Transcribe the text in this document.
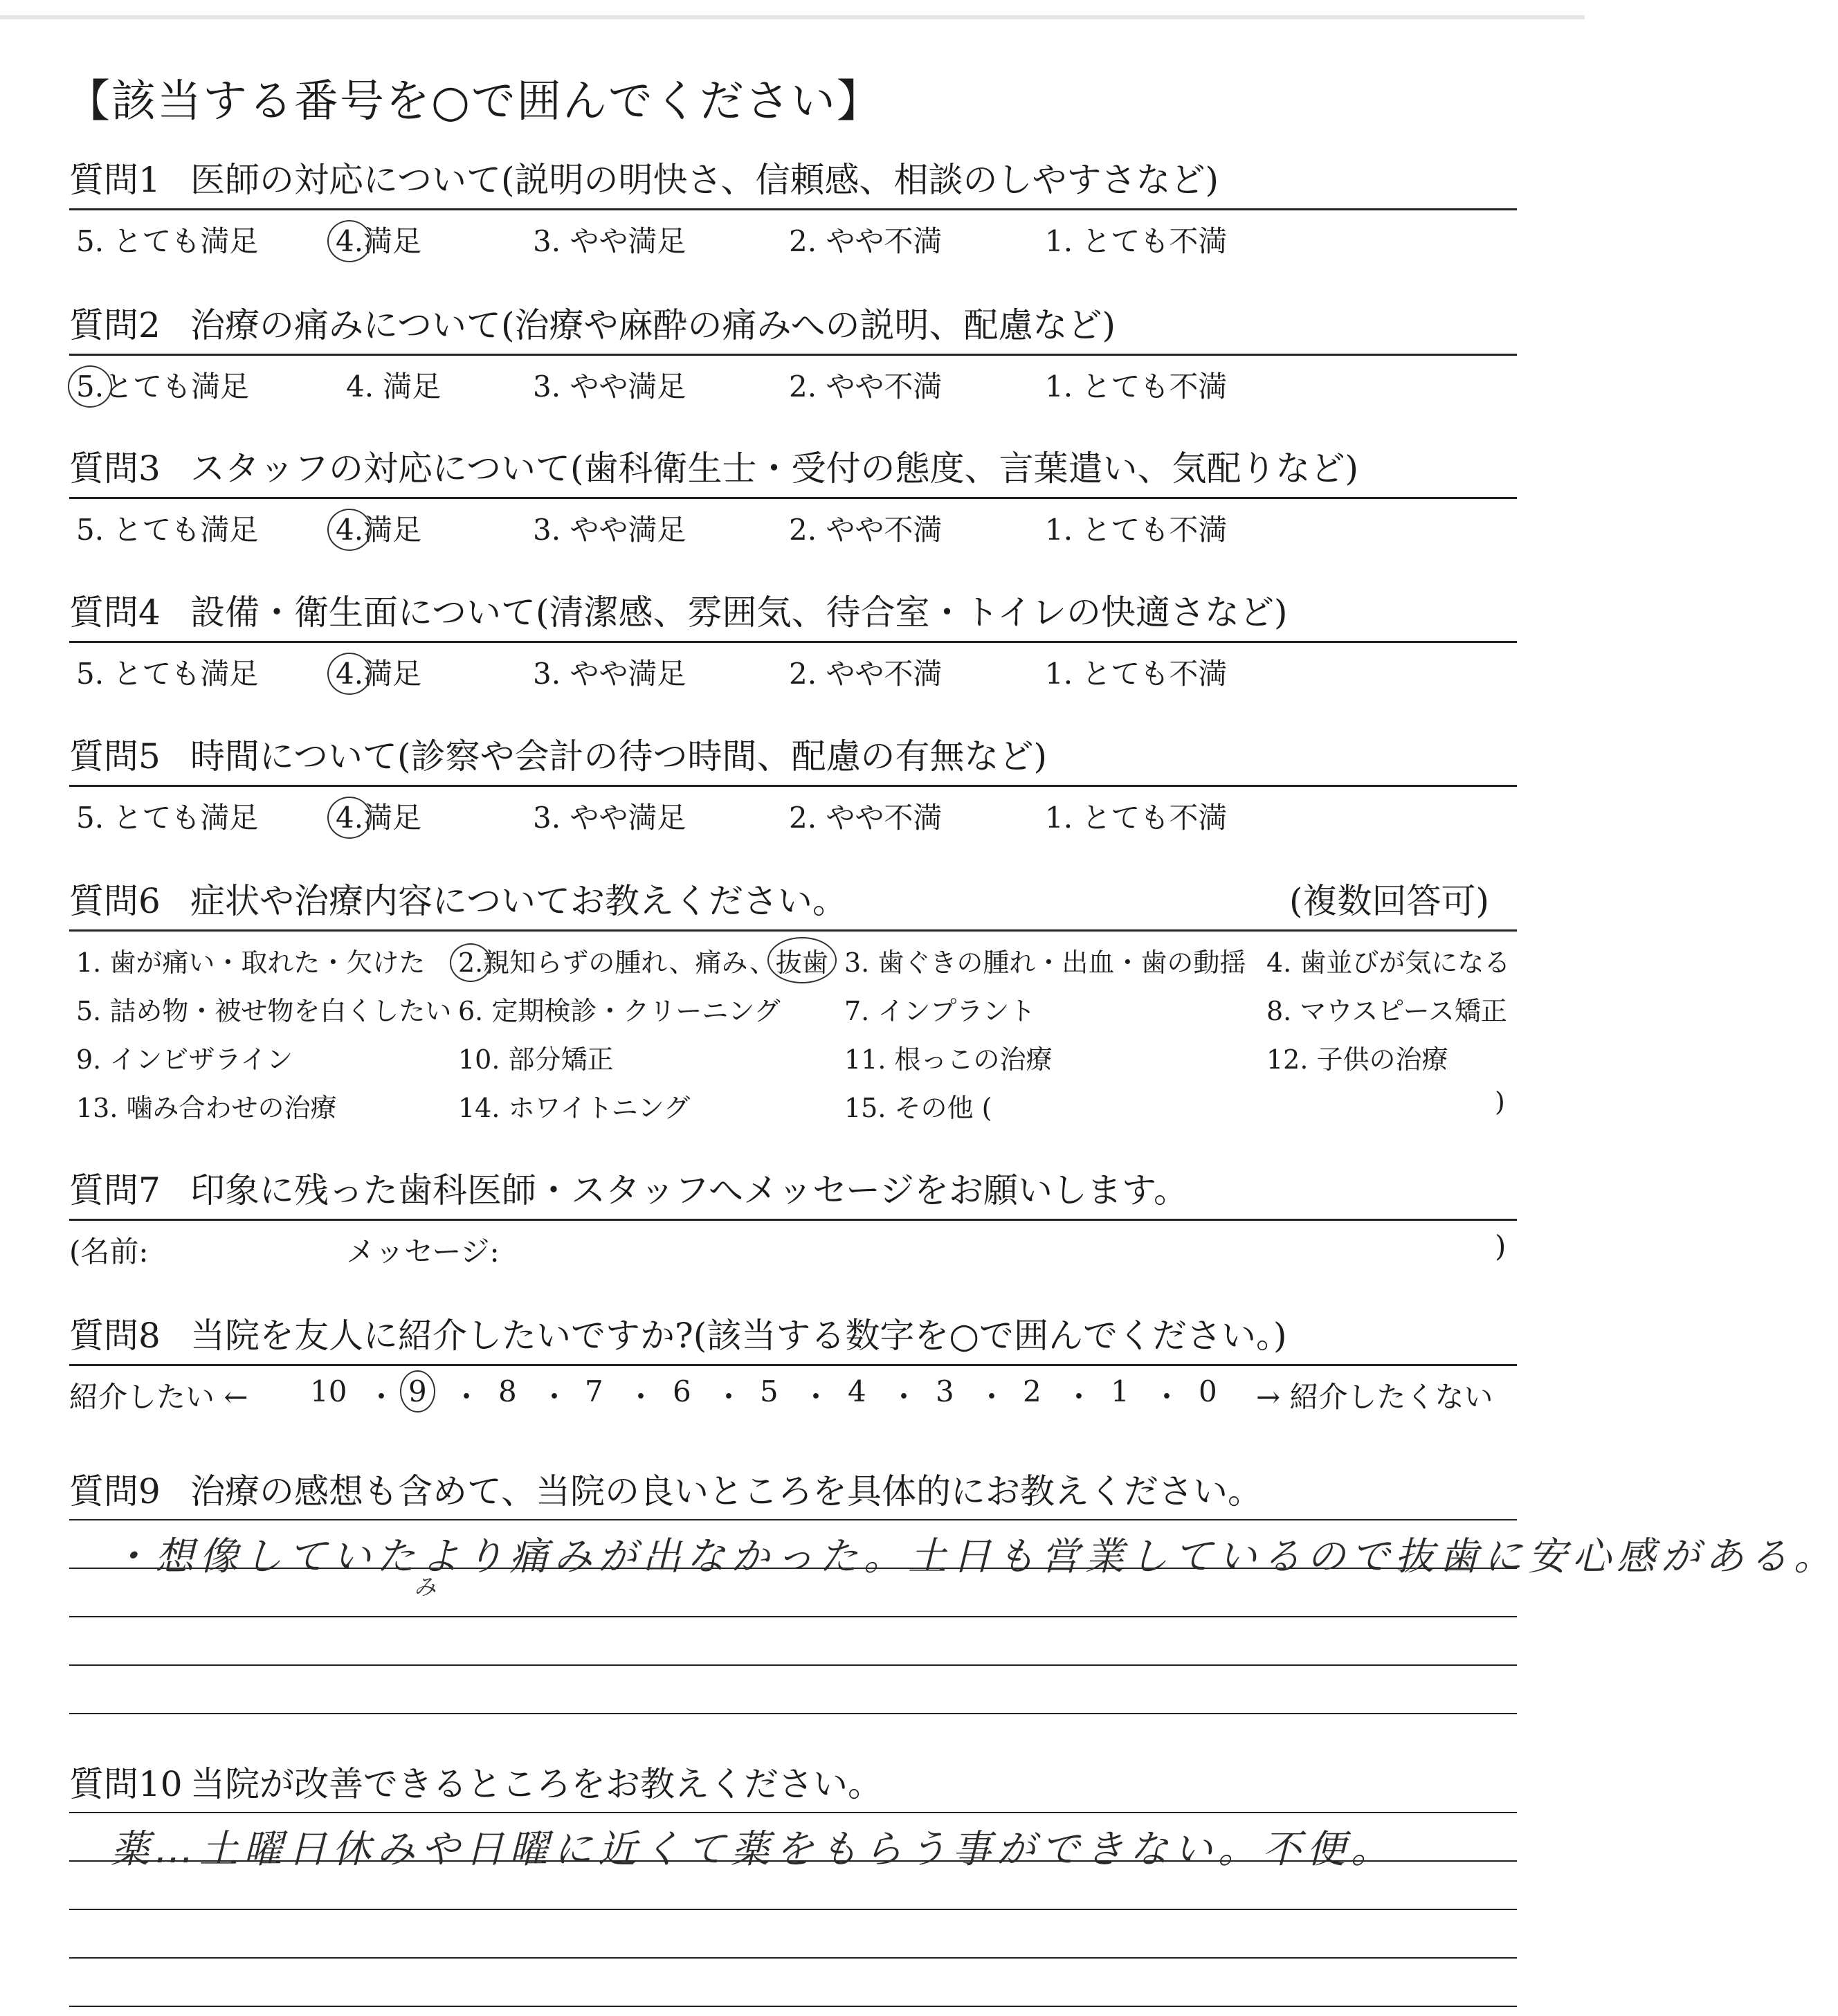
【該当する番号を○で囲んでください】
質問1 医師の対応について(説明の明快さ、信頼感、相談のしやすさなど)
5. とても満足	4.満足	3. やや満足	2. やや不満	1. とても不満
質問2 治療の痛みについて(治療や麻酔の痛みへの説明、配慮など)
5.とても満足	4. 満足	3. やや満足	2. やや不満	1. とても不満
質問3 スタッフの対応について(歯科衛生士・受付の態度、言葉遣い、気配りなど)
5. とても満足	4.満足	3. やや満足	2. やや不満	1. とても不満
質問4 設備・衛生面について(清潔感、雰囲気、待合室・トイレの快適さなど)
5. とても満足	4.満足	3. やや満足	2. やや不満	1. とても不満
質問5 時間について(診察や会計の待つ時間、配慮の有無など)
5. とても満足	4.満足	3. やや満足	2. やや不満	1. とても不満
質問6 症状や治療内容についてお教えください。	(複数回答可)
1. 歯が痛い・取れた・欠けた 2.親知らずの腫れ、痛み、抜歯 3. 歯ぐきの腫れ・出血・歯の動揺 4. 歯並びが気になる
5. 詰め物・被せ物を白くしたい 6. 定期検診・クリーニング 7. インプラント	8. マウスピース矯正
9. インビザライン	10. 部分矯正	11. 根っこの治療	12. 子供の治療
13. 噛み合わせの治療	14. ホワイトニング	15. その他 (	)
質問7 印象に残った歯科医師・スタッフへメッセージをお願いします。
(名前:	メッセージ:	)
質問8 当院を友人に紹介したいですか?(該当する数字を○で囲んでください。)
紹介したい ← 10 ・ 9 ・ 8 ・ 7 ・ 6 ・ 5 ・ 4 ・ 3 ・ 2 ・ 1 ・ 0 → 紹介したくない
質問9 治療の感想も含めて、当院の良いところを具体的にお教えください。
・想像していたより痛みが出なかった。土日も営業しているので抜歯に安心感がある。
み
質問10 当院が改善できるところをお教えください。
薬…土曜日休みや日曜に近くて薬をもらう事ができない。不便。
